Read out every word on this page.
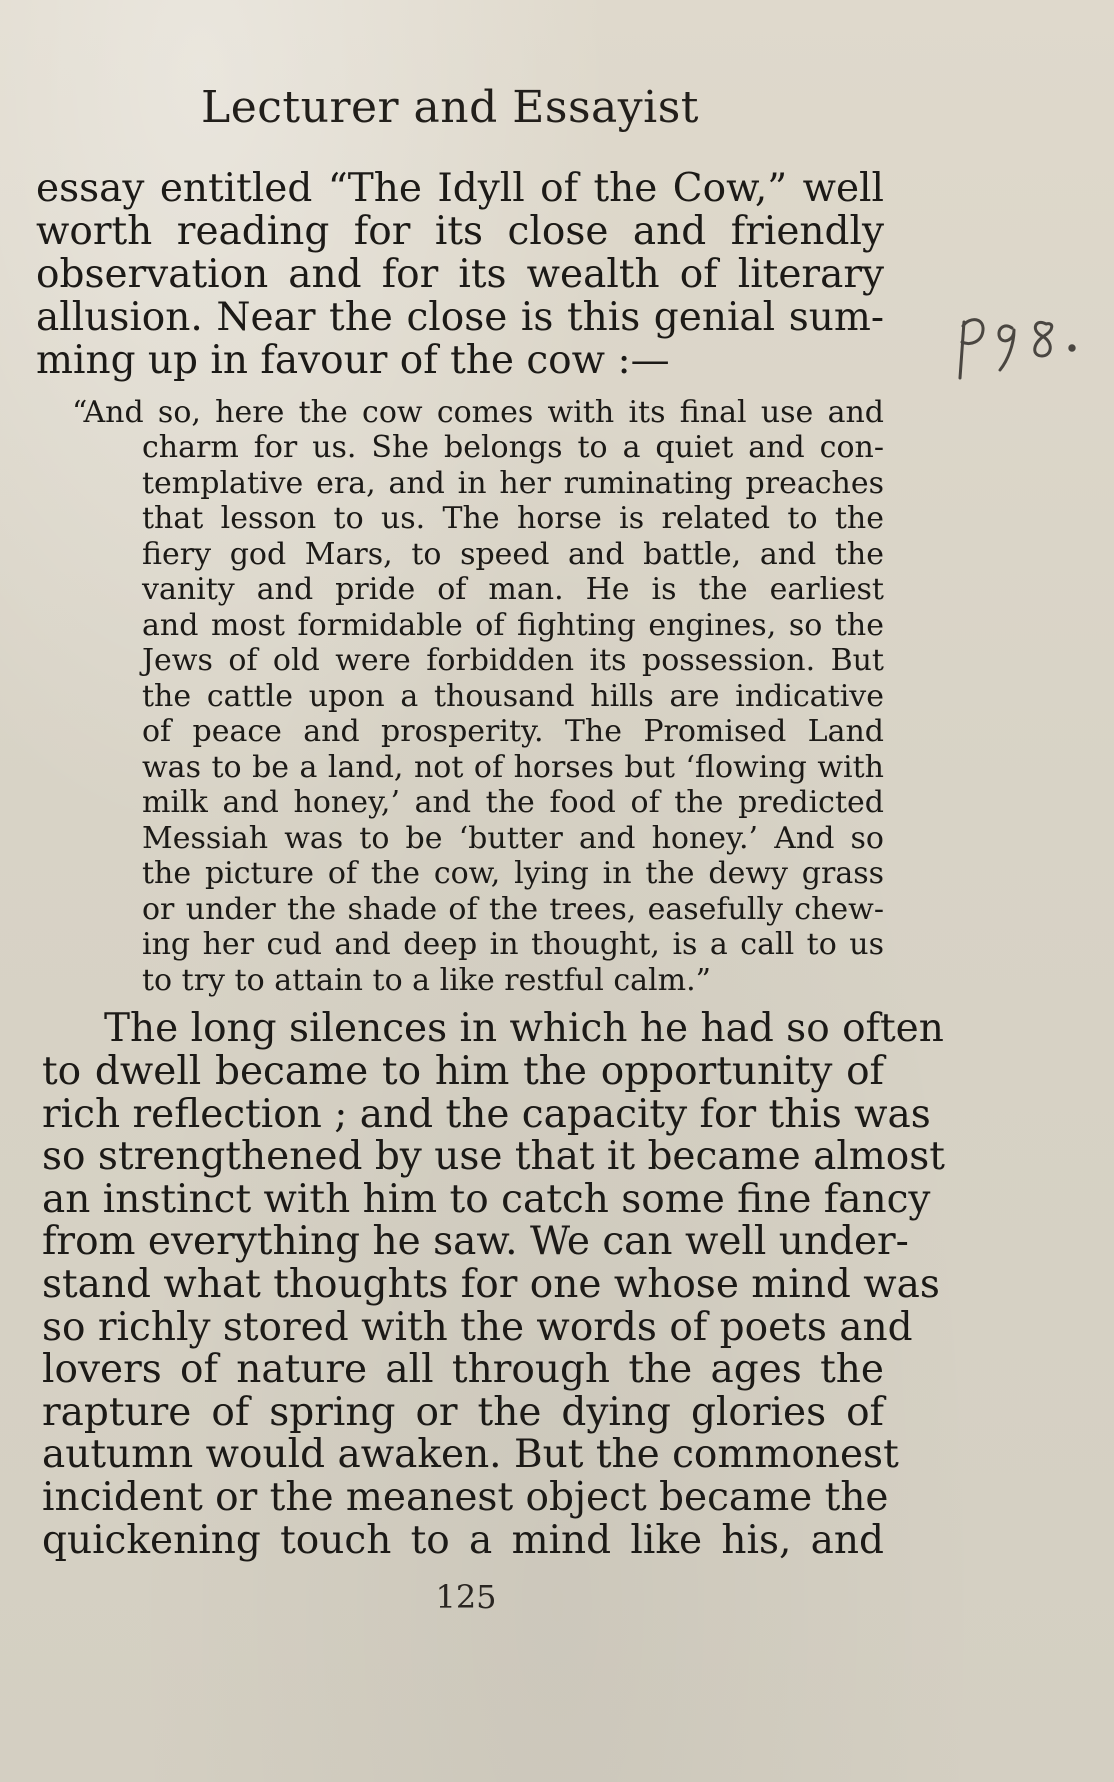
Lecturer and Essayist
essay entitled “The Idyll of the Cow,” well
worth reading for its close and friendly
observation and for its wealth of literary
allusion. Near the close is this genial sum-
ming up in favour of the cow :—
“And so, here the cow comes with its final use and
charm for us. She belongs to a quiet and con-
templative era, and in her ruminating preaches
that lesson to us. The horse is related to the
fiery god Mars, to speed and battle, and the
vanity and pride of man. He is the earliest
and most formidable of fighting engines, so the
Jews of old were forbidden its possession. But
the cattle upon a thousand hills are indicative
of peace and prosperity. The Promised Land
was to be a land, not of horses but ‘flowing with
milk and honey,’ and the food of the predicted
Messiah was to be ‘butter and honey.’ And so
the picture of the cow, lying in the dewy grass
or under the shade of the trees, easefully chew-
ing her cud and deep in thought, is a call to us
to try to attain to a like restful calm.”
The long silences in which he had so often
to dwell became to him the opportunity of
rich reflection ; and the capacity for this was
so strengthened by use that it became almost
an instinct with him to catch some fine fancy
from everything he saw. We can well under-
stand what thoughts for one whose mind was
so richly stored with the words of poets and
lovers of nature all through the ages the
rapture of spring or the dying glories of
autumn would awaken. But the commonest
incident or the meanest object became the
quickening touch to a mind like his, and
125
